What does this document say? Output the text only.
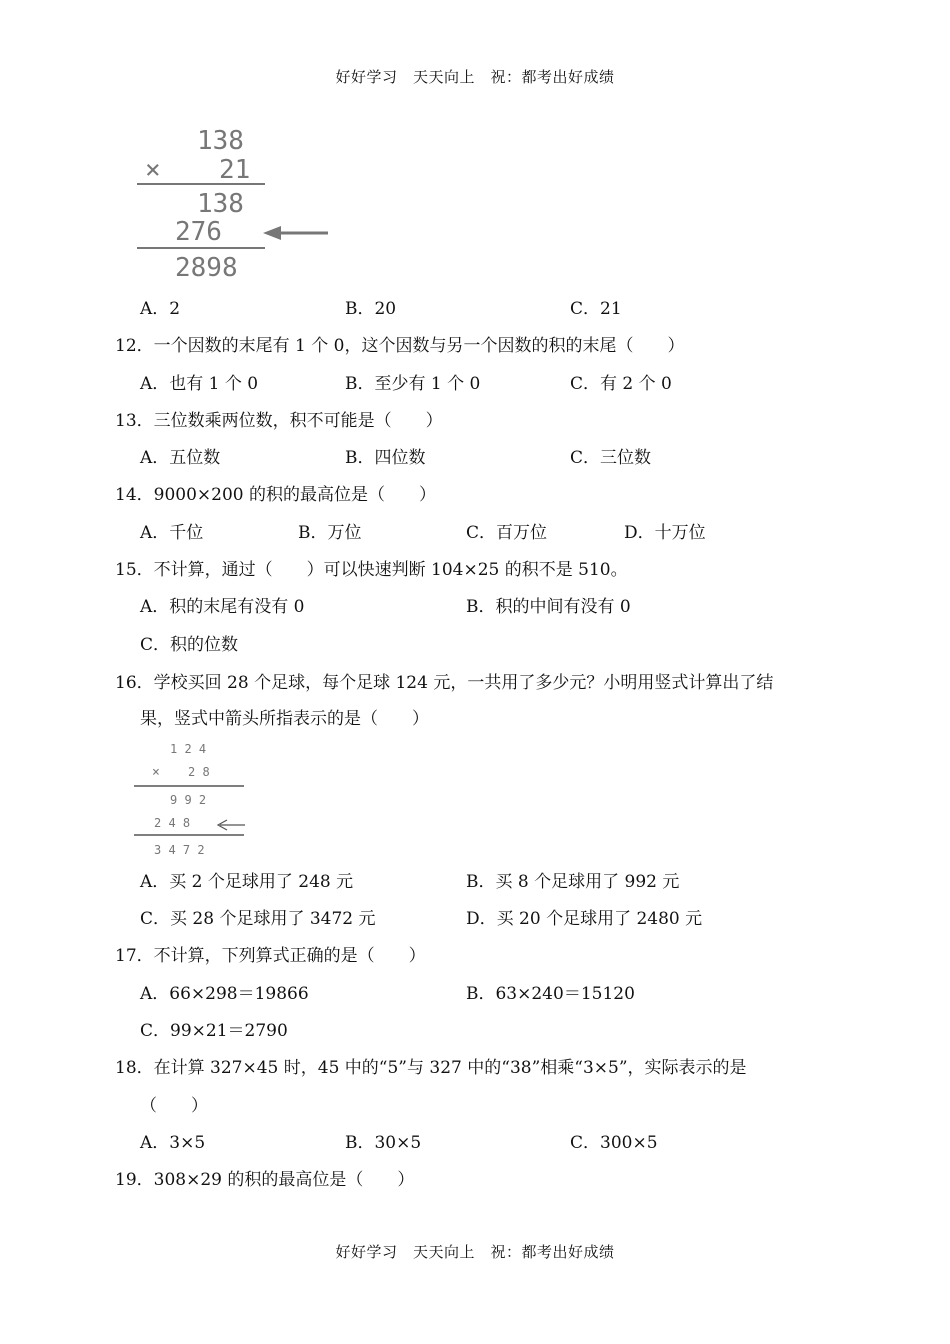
好好学习　天天向上　祝：都考出好成绩
138
× 21
138
276
2898
A．2	B．20	C．21
12．一个因数的末尾有 1 个 0，这个因数与另一个因数的积的末尾（　　）
A．也有 1 个 0	B．至少有 1 个 0	C．有 2 个 0
13．三位数乘两位数，积不可能是（　　）
A．五位数	B．四位数	C．三位数
14．9000×200 的积的最高位是（　　）
A．千位	B．万位	C．百万位	D．十万位
15．不计算，通过（　　）可以快速判断 104×25 的积不是 510。
A．积的末尾有没有 0	B．积的中间有没有 0
C．积的位数
16．学校买回 28 个足球，每个足球 124 元，一共用了多少元？小明用竖式计算出了结
果，竖式中箭头所指表示的是（　　）
1 2 4
× 2 8
9 9 2
2 4 8
3 4 7 2
A．买 2 个足球用了 248 元	B．买 8 个足球用了 992 元
C．买 28 个足球用了 3472 元	D．买 20 个足球用了 2480 元
17．不计算，下列算式正确的是（　　）
A．66×298＝19866	B．63×240＝15120
C．99×21＝2790
18．在计算 327×45 时，45 中的“5”与 327 中的“38”相乘“3×5”，实际表示的是
（　　）
A．3×5	B．30×5	C．300×5
19．308×29 的积的最高位是（　　）
好好学习　天天向上　祝：都考出好成绩
